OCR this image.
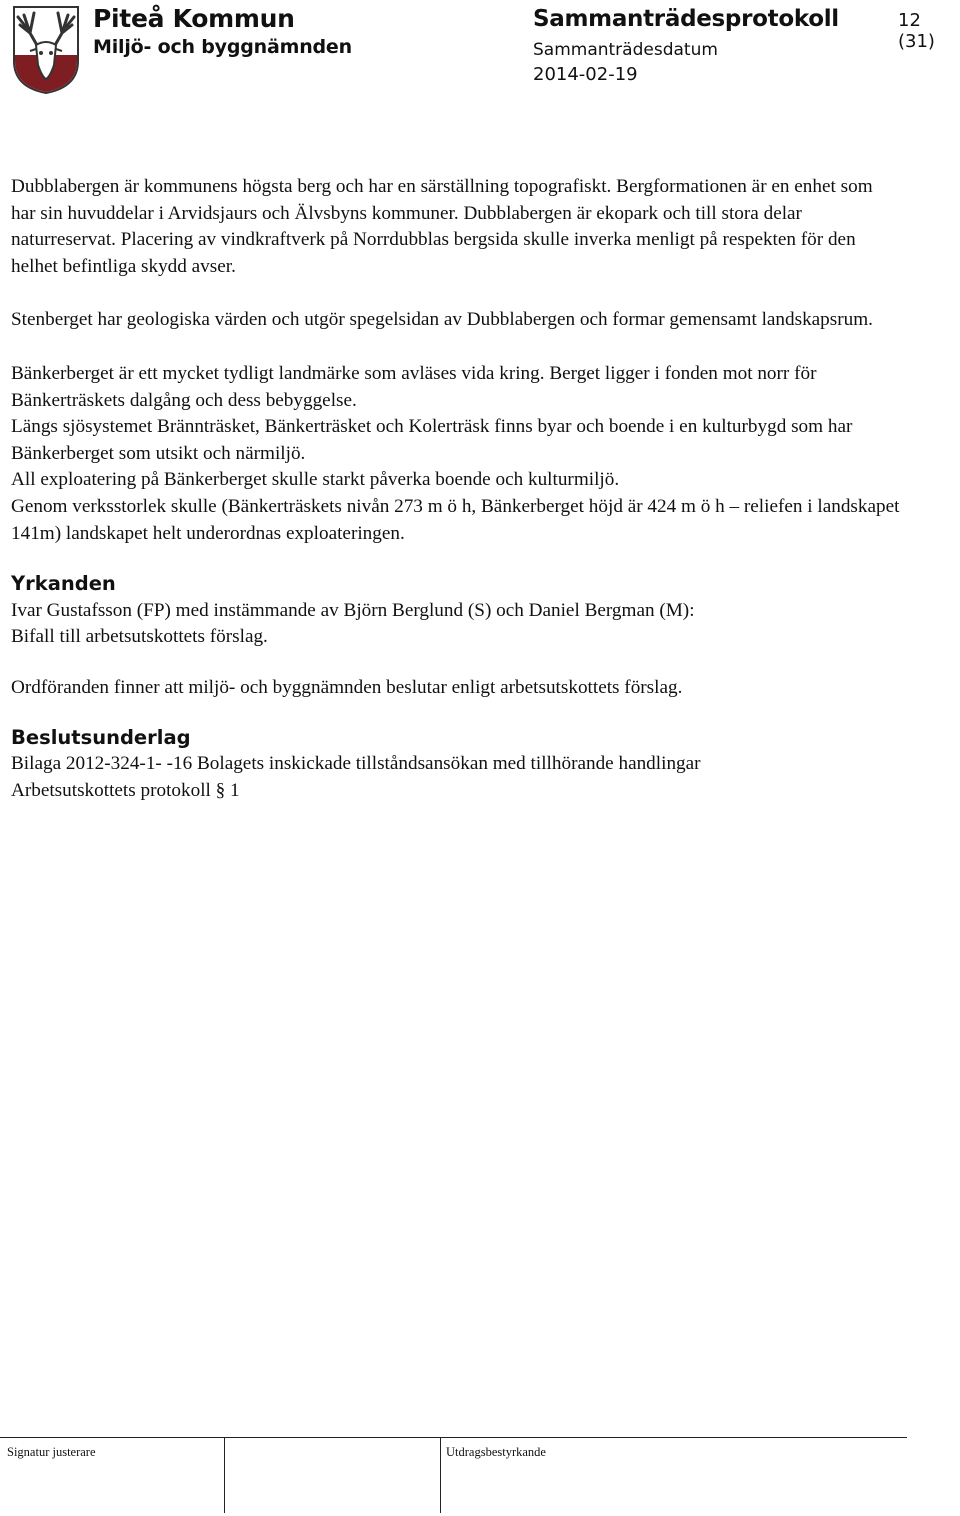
Piteå Kommun
Miljö- och byggnämnden
Sammanträdesprotokoll
Sammanträdesdatum
2014-02-19
12 (31)

Dubblabergen är kommunens högsta berg och har en särställning topografiskt. Bergformationen är en enhet som har sin huvuddelar i Arvidsjaurs och Älvsbyns kommuner. Dubblabergen är ekopark och till stora delar naturreservat. Placering av vindkraftverk på Norrdubblas bergsida skulle inverka menligt på respekten för den helhet befintliga skydd avser.

Stenberget har geologiska värden och utgör spegelsidan av Dubblabergen och formar gemensamt landskapsrum.

Bänkerberget är ett mycket tydligt landmärke som avläses vida kring. Berget ligger i fonden mot norr för Bänkerträskets dalgång och dess bebyggelse.

Längs sjösystemet Brännträsket, Bänkerträsket och Kolerträsk finns byar och boende i en kulturbygd som har Bänkerberget som utsikt och närmiljö.

All exploatering på Bänkerberget skulle starkt påverka boende och kulturmiljö.

Genom verksstorlek skulle (Bänkerträskets nivån 273 m ö h, Bänkerberget höjd är 424 m ö h – reliefen i landskapet 141m) landskapet helt underordnas exploateringen.

Yrkanden

Ivar Gustafsson (FP) med instämmande av Björn Berglund (S) och Daniel Bergman (M):

Bifall till arbetsutskottets förslag.

Ordföranden finner att miljö- och byggnämnden beslutar enligt arbetsutskottets förslag.

Beslutsunderlag

Bilaga 2012-324-1- -16 Bolagets inskickade tillståndsansökan med tillhörande handlingar

Arbetsutskottets protokoll § 1

Signatur justerare	Utdragsbestyrkande
